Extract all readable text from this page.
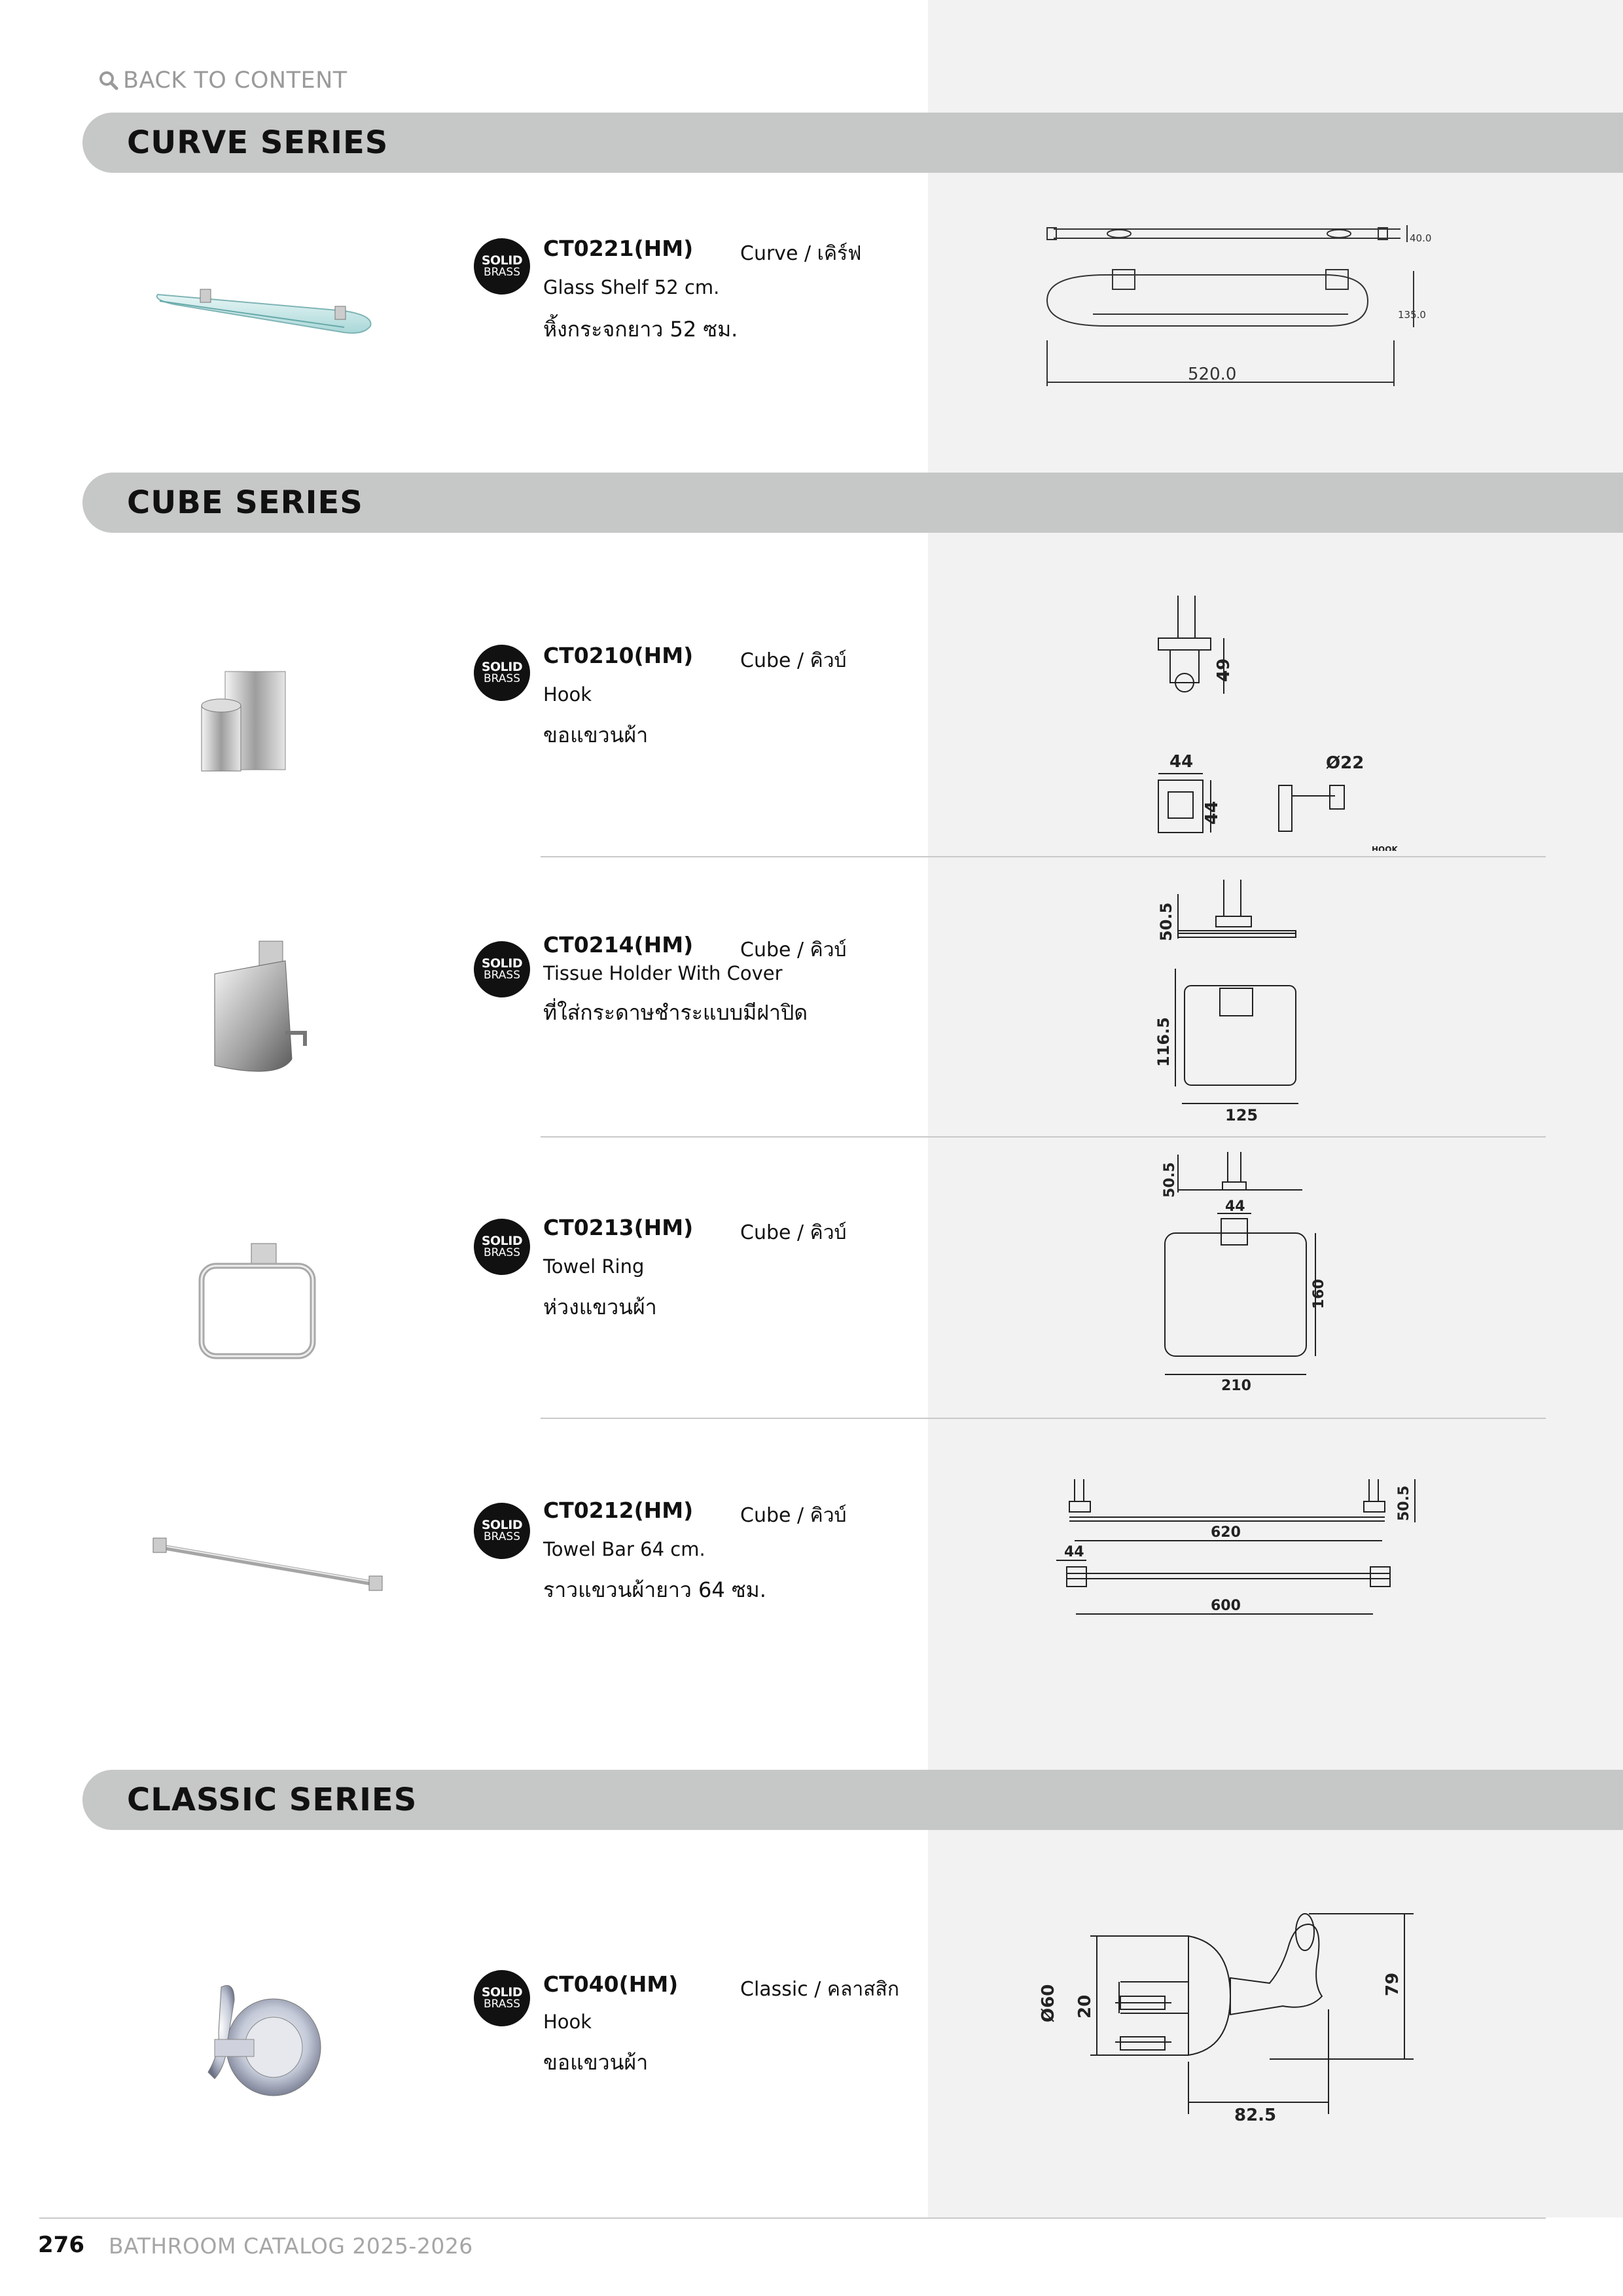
BACK TO CONTENT
CURVE SERIES
SOLID
BRASS
CT0221(HM) Curve / เคิร์ฟ
Glass Shelf 52 cm.
หิ้งกระจกยาว 52 ซม.
40.0
135.0
520.0
CUBE SERIES
SOLID
BRASS
CT0210(HM) Cube / คิวบ์
Hook
ขอแขวนผ้า
49
44
44
Ø22
HOOK
SOLID
BRASS
CT0214(HM) Cube / คิวบ์
Tissue Holder With Cover
ที่ใส่กระดาษชำระแบบมีฝาปิด
50.5
116.5
125
SOLID
BRASS
CT0213(HM) Cube / คิวบ์
Towel Ring
ห่วงแขวนผ้า
50.5
44
160
210
SOLID
BRASS
CT0212(HM) Cube / คิวบ์
Towel Bar 64 cm.
ราวแขวนผ้ายาว 64 ซม.
50.5
620
44
600
CLASSIC SERIES
SOLID
BRASS
CT040(HM)	Classic / คลาสสิก
Hook
ขอแขวนผ้า
Ø60 20
79
82.5
276 BATHROOM CATALOG 2025-2026
